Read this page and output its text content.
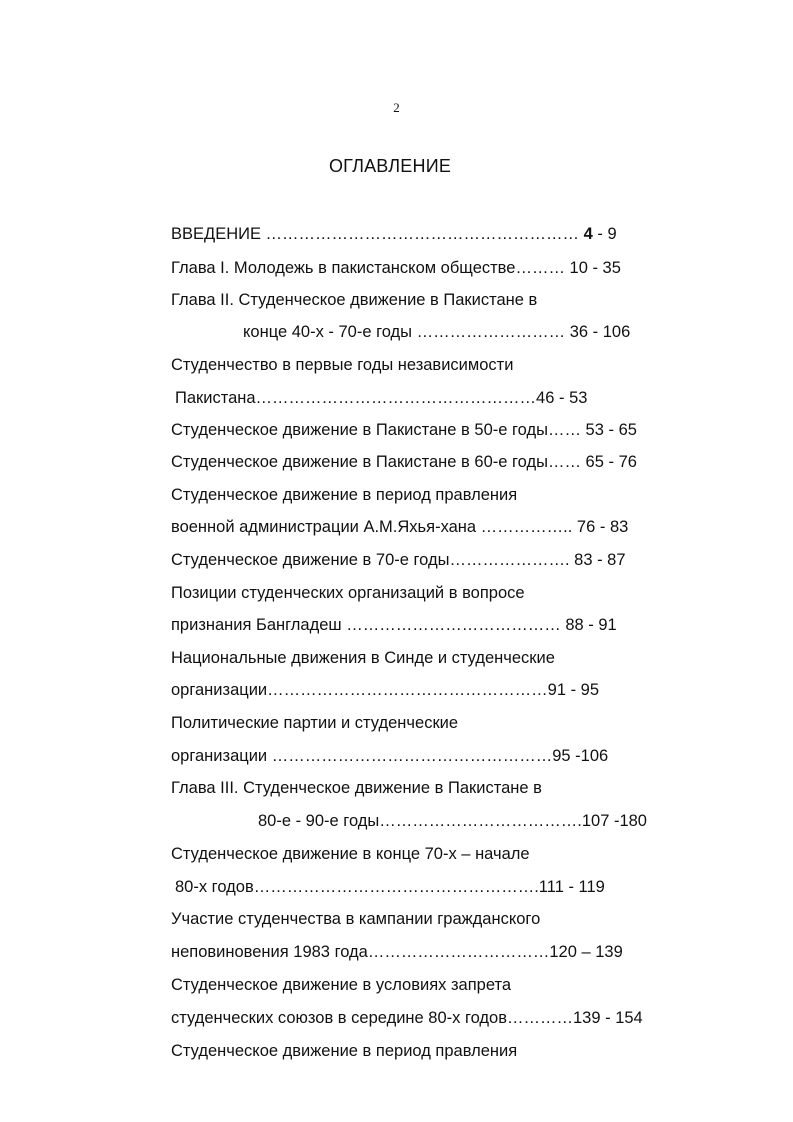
2
ОГЛАВЛЕНИЕ
ВВЕДЕНИЕ ………………………………………………… 4 - 9
Глава I. Молодежь в пакистанском обществе……… 10 - 35
Глава II. Студенческое движение в Пакистане в
конце 40-х - 70-е годы ……………………… 36 - 106
Студенчество в первые годы независимости
Пакистана……………………………………………46 - 53
Студенческое движение в Пакистане в 50-е годы…… 53 - 65
Студенческое движение в Пакистане в 60-е годы…… 65 - 76
Студенческое движение в период правления
военной администрации А.М.Яхья-хана …………….. 76 - 83
Студенческое движение в 70-е годы…………………. 83 - 87
Позиции студенческих организаций в вопросе
признания Бангладеш ………………………………… 88 - 91
Национальные движения в Синде и студенческие
организации……………………………………………91 - 95
Политические партии и студенческие
организации ……………………………………………95 -106
Глава III. Студенческое движение в Пакистане в
80-е - 90-е годы……………………………….107 -180
Студенческое движение в конце 70-х – начале
80-х годов…………………………………………….111 - 119
Участие студенчества в кампании гражданского
неповиновения 1983 года……………………………120 – 139
Студенческое движение в условиях запрета
студенческих союзов в середине 80-х годов…………139 - 154
Студенческое движение в период правления
